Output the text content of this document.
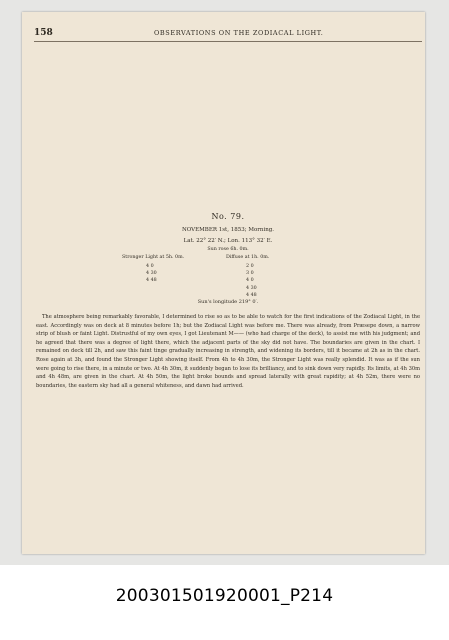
158	OBSERVATIONS ON THE ZODIACAL LIGHT.
No. 79.
NOVEMBER 1st, 1853; Morning.
Lat. 22° 22′ N.; Lon. 113° 32′ E.
Sun rose 6h. 0m.
Stronger Light at 5h. 0m.	Diffuse at 1h. 0m.
4 0
4 30
4 48
2 0
3 0
4 0
4 30
4 48
Sun's longitude 219° 0′.
The atmosphere being remarkably favorable, I determined to rise so as to be able to watch for the first indications of the Zodiacal Light, in the east. Accordingly was on deck at 8 minutes before 1h; but the Zodiacal Light was before me. There was already, from Præsepe down, a narrow strip of blush or faint Light. Distrustful of my own eyes, I got Lieutenant M—— (who had charge of the deck), to assist me with his judgment; and he agreed that there was a degree of light there, which the adjacent parts of the sky did not have. The boundaries are given in the chart. I remained on deck till 2h, and saw this faint tinge gradually increasing in strength, and widening its borders, till it became at 2h as in the chart. Rose again at 3h, and found the Stronger Light showing itself. From 4h to 4h 30m, the Stronger Light was really splendid. It was as if the sun were going to rise there, in a minute or two. At 4h 30m, it suddenly began to lose its brilliancy, and to sink down very rapidly. Its limits, at 4h 30m and 4h 48m, are given in the chart. At 4h 50m, the light broke bounds and spread laterally with great rapidity; at 4h 52m, there were no boundaries, the eastern sky had all a general whiteness, and dawn had arrived.
200301501920001_P214
